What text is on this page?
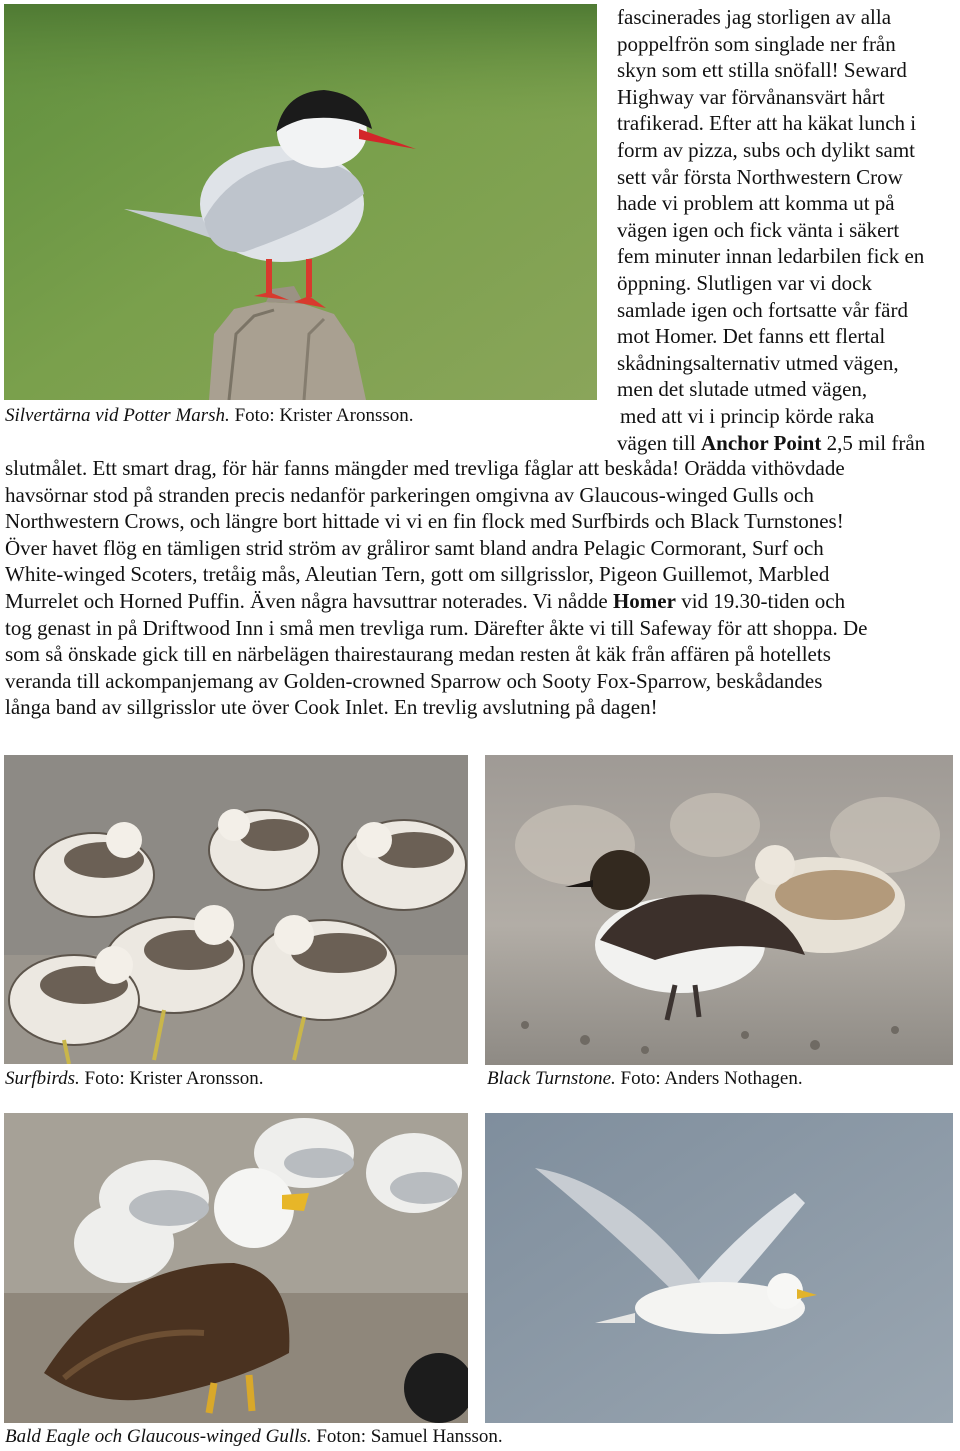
fascinerades jag storligen av alla
poppelfrön som singlade ner från
skyn som ett stilla snöfall! Seward
Highway var förvånansvärt hårt
trafikerad. Efter att ha käkat lunch i
form av pizza, subs och dylikt samt
sett vår första Northwestern Crow
hade vi problem att komma ut på
vägen igen och fick vänta i säkert
fem minuter innan ledarbilen fick en
öppning. Slutligen var vi dock
samlade igen och fortsatte vår färd
mot Homer. Det fanns ett flertal
skådningsalternativ utmed vägen,
men det slutade utmed vägen,
med att vi i princip körde raka
vägen till Anchor Point 2,5 mil från
Silvertärna vid Potter Marsh. Foto: Krister Aronsson.
slutmålet. Ett smart drag, för här fanns mängder med trevliga fåglar att beskåda! Orädda vithövdade
havsörnar stod på stranden precis nedanför parkeringen omgivna av Glaucous-winged Gulls och
Northwestern Crows, och längre bort hittade vi vi en fin flock med Surfbirds och Black Turnstones!
Över havet flög en tämligen strid ström av gråliror samt bland andra Pelagic Cormorant, Surf och
White-winged Scoters, tretåig mås, Aleutian Tern, gott om sillgrisslor, Pigeon Guillemot, Marbled
Murrelet och Horned Puffin. Även några havsuttrar noterades. Vi nådde Homer vid 19.30-tiden och
tog genast in på Driftwood Inn i små men trevliga rum. Därefter åkte vi till Safeway för att shoppa. De
som så önskade gick till en närbelägen thairestaurang medan resten åt käk från affären på hotellets
veranda till ackompanjemang av Golden-crowned Sparrow och Sooty Fox-Sparrow, beskådandes
långa band av sillgrisslor ute över Cook Inlet. En trevlig avslutning på dagen!
Surfbirds. Foto: Krister Aronsson.	Black Turnstone. Foto: Anders Nothagen.
Bald Eagle och Glaucous-winged Gulls. Foton: Samuel Hansson.
